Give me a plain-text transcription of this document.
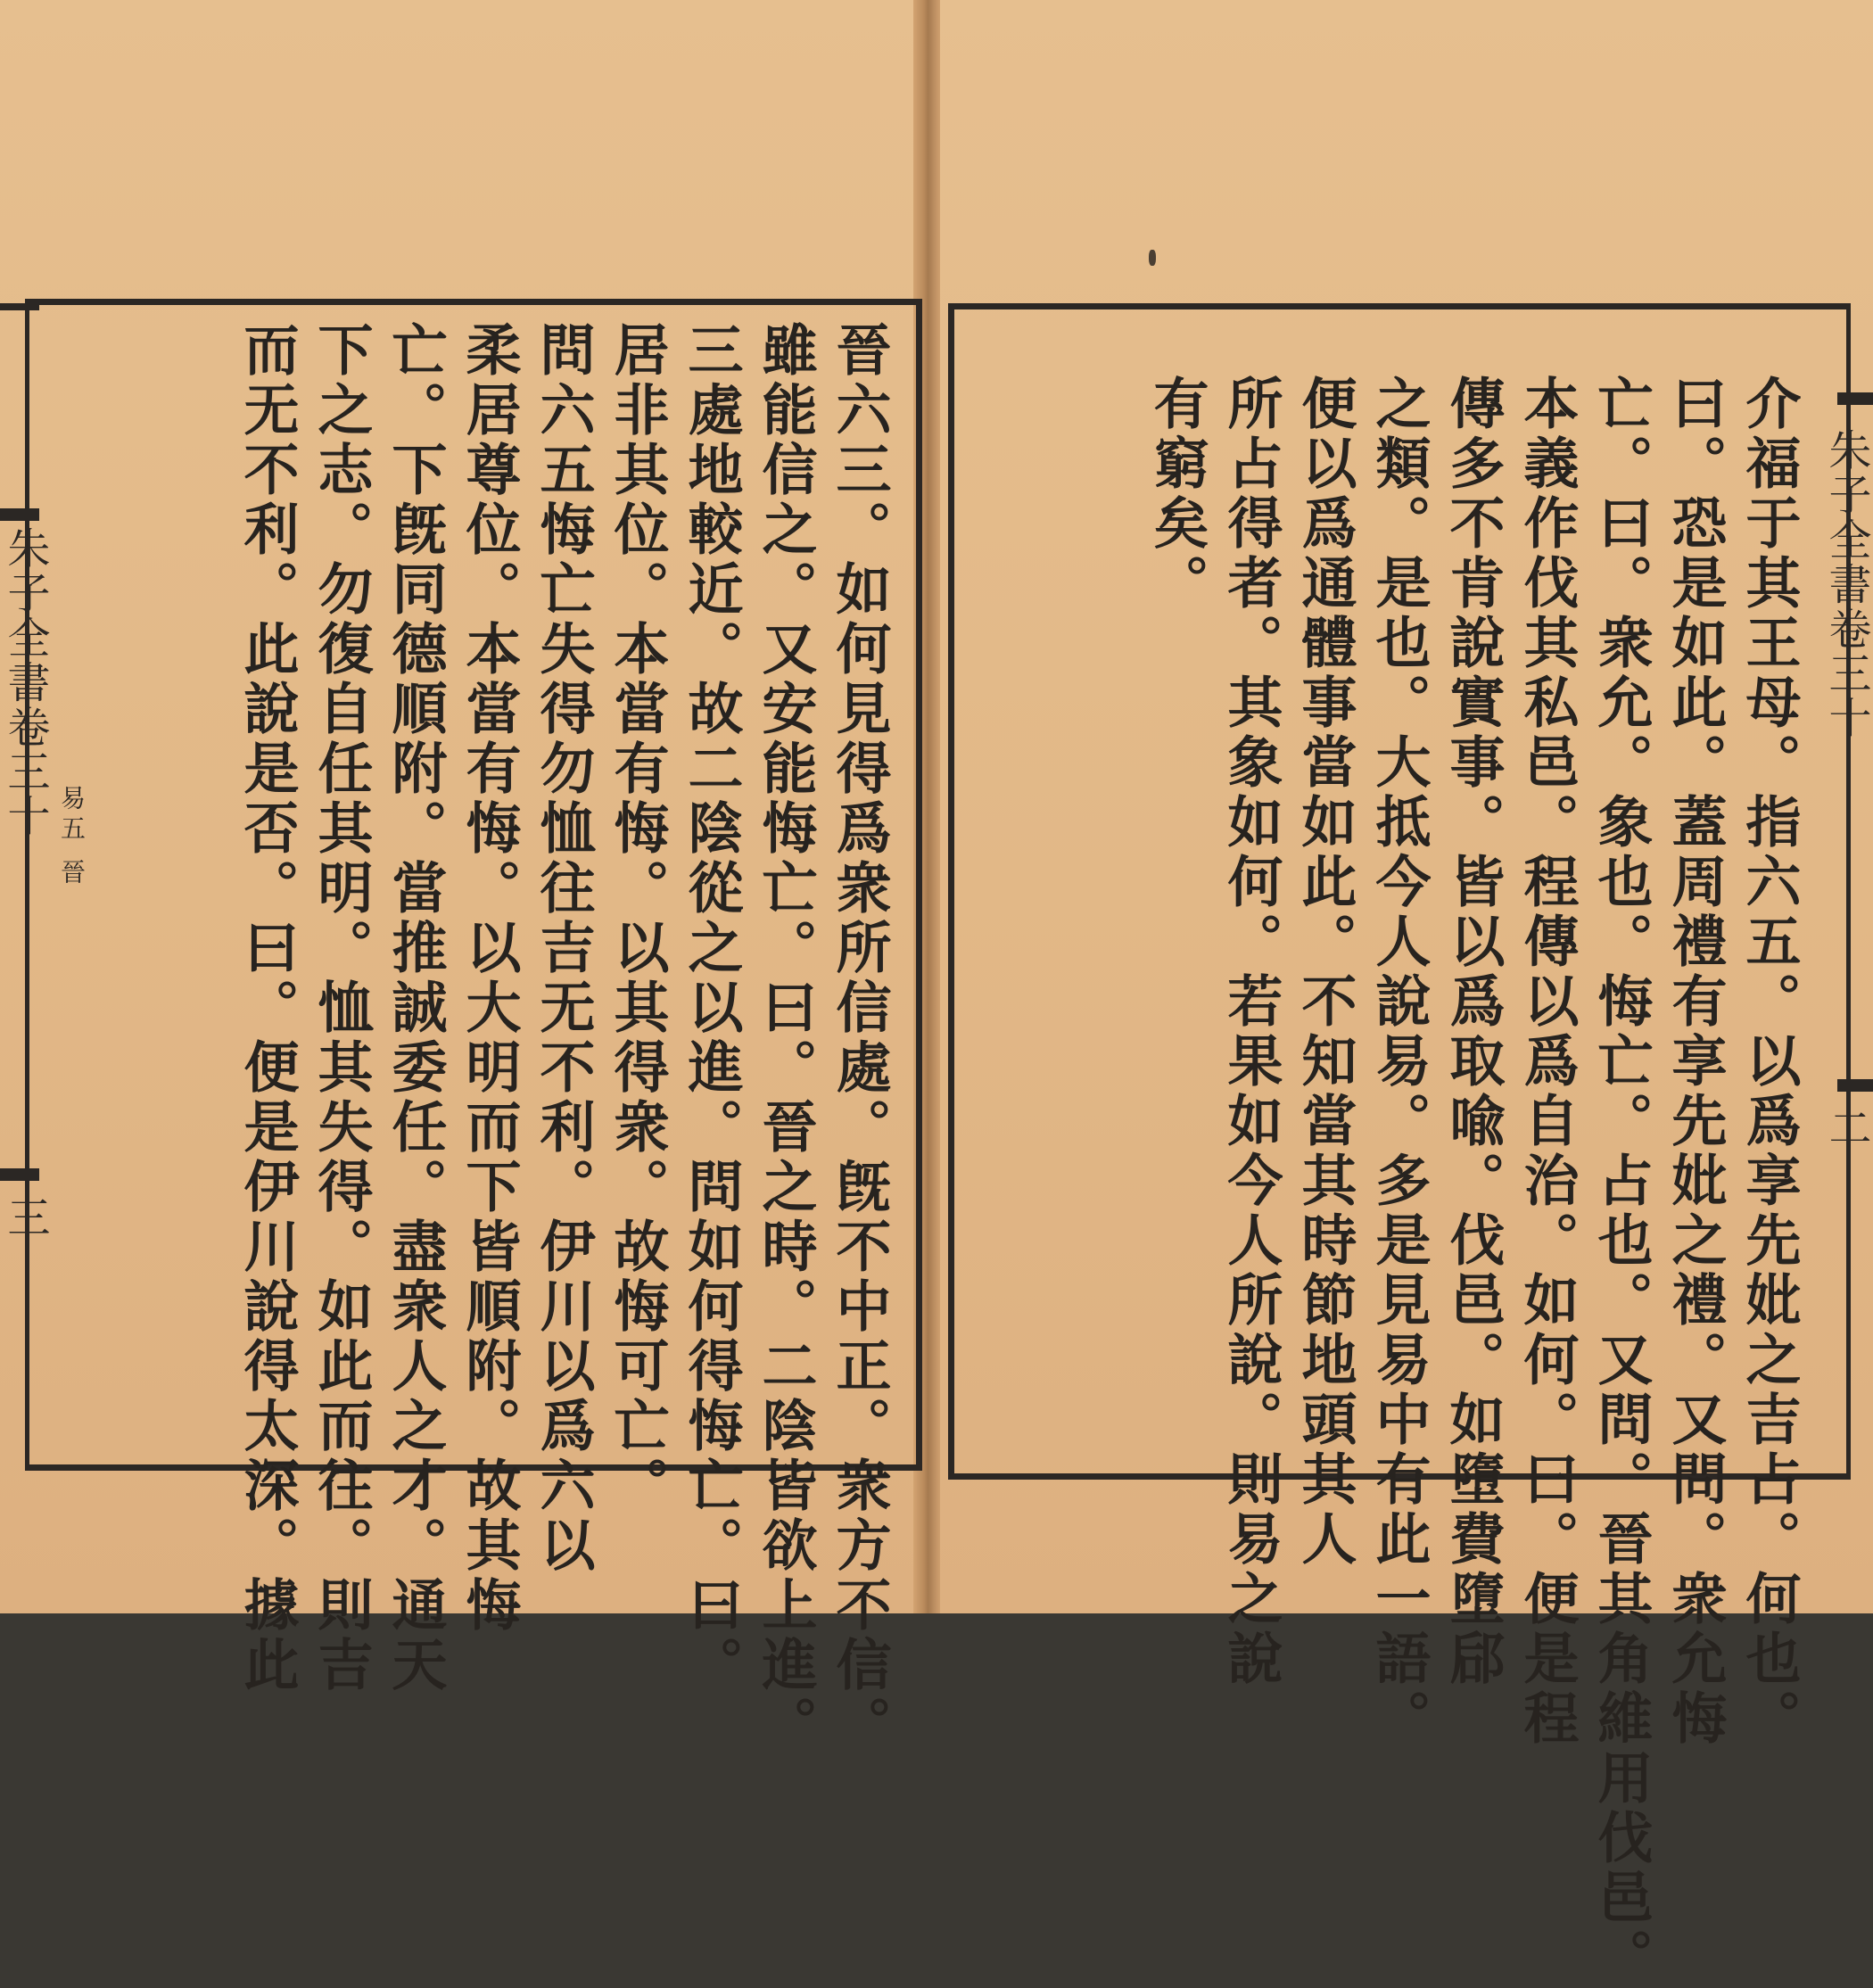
朱子全書卷三十
三
易五 晉
朱子全書卷三十
二
晉六三。如何見得爲衆所信處。旣不中正。衆方不信。
雖能信之。又安能悔亡。曰。晉之時。二陰皆欲上進。
三處地較近。故二陰從之以進。問如何得悔亡。曰。
居非其位。本當有悔。以其得衆。故悔可亡。
問六五悔亡失得勿恤往吉无不利。伊川以爲六以
柔居尊位。本當有悔。以大明而下皆順附。故其悔
亡。下旣同德順附。當推誠委任。盡衆人之才。通天
下之志。勿復自任其明。恤其失得。如此而往。則吉
而无不利。此說是否。曰。便是伊川說得太深。據此	介福于其王母。指六五。以爲享先妣之吉占。何也。
曰。恐是如此。蓋周禮有享先妣之禮。又問。衆允悔
亡。曰。衆允。象也。悔亡。占也。又問。晉其角維用伐邑。
本義作伐其私邑。程傳以爲自治。如何。曰。便是程
傳多不肯說實事。皆以爲取喩。伐邑。如墮費墮郈
之類。是也。大抵今人說易。多是見易中有此一語。
便以爲通體事當如此。不知當其時節地頭其人
所占得者。其象如何。若果如今人所說。則易之說
有窮矣。
